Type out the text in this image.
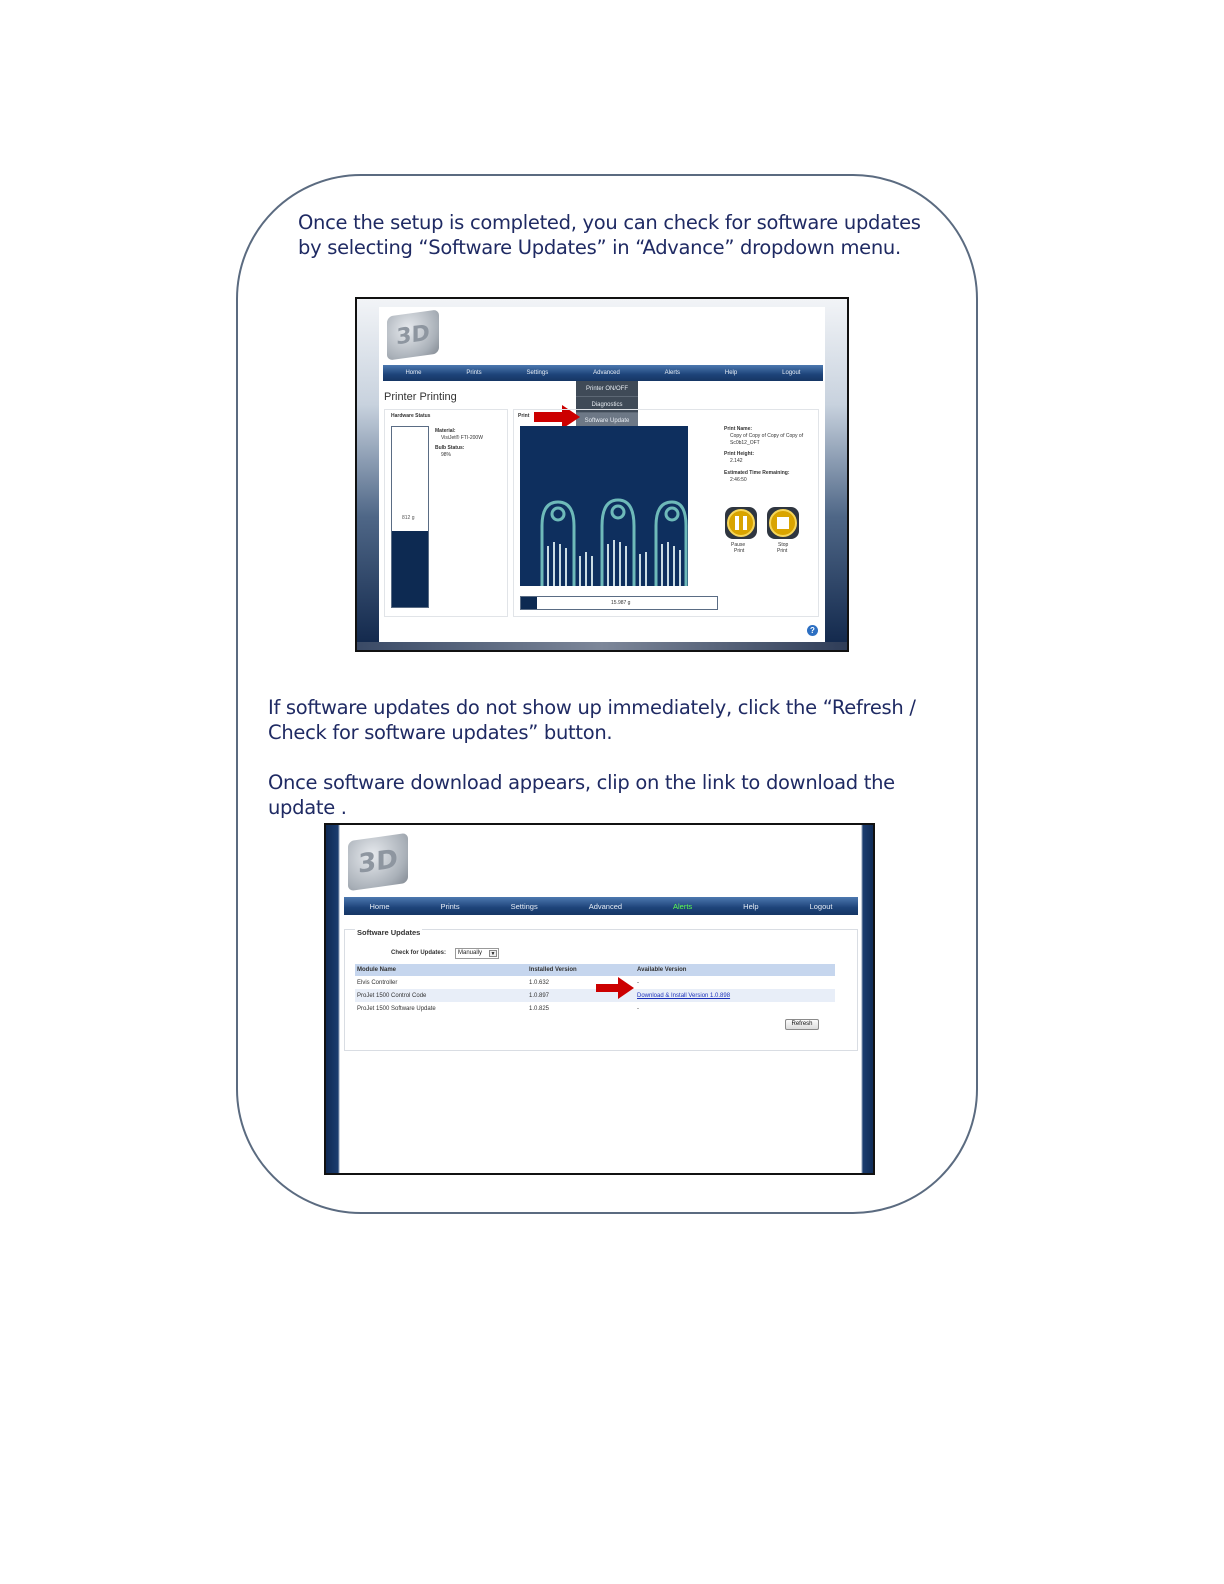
Once the setup is completed, you can check for software updates

by selecting “Software Updates” in “Advance” dropdown menu.

3D
Home	Prints	Settings	Advanced	Alerts	Help	Logout
Printer ON/OFF
Diagnostics
Software Update
Printer Printing
Hardware Status
812 g
Material:
VisiJet® FTI-200W
Bulb Status:
98%
Print
15.987 g
Print Name:
Copy of Copy of Copy of Copy of
Sc0b12_OFT
Print Height:
2.142
Estimated Time Remaining:
2:46:50
Pause
Print
Stop
Print
?

If software updates do not show up immediately, click the “Refresh /

Check for software updates” button.

Once software download appears, clip on the link to download the

update .

3D
Home	Prints	Settings	Advanced	Alerts	Help	Logout
Software Updates
Check for Updates:	Manually	▼
Module Name	Installed Version	Available Version
Elvis Controller	1.0.632	-
ProJet 1500 Control Code	1.0.897	Download & Install Version 1.0.898
ProJet 1500 Software Update	1.0.825	-
Refresh
